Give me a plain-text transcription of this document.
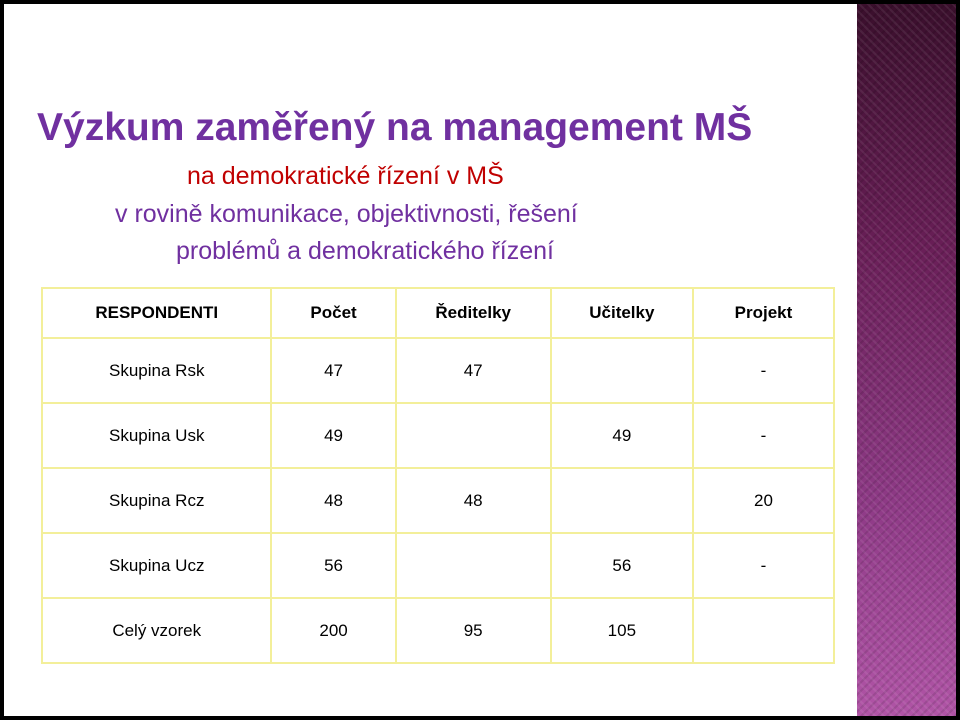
Výzkum zaměřený na management MŠ
na demokratické řízení v MŠ
v rovině komunikace, objektivnosti, řešení
problémů a demokratického řízení
RESPONDENTI	Počet	Ředitelky	Učitelky	Projekt
Skupina Rsk	47	47		-
Skupina Usk	49		49	-
Skupina Rcz	48	48		20
Skupina Ucz	56		56	-
Celý vzorek	200	95	105	
